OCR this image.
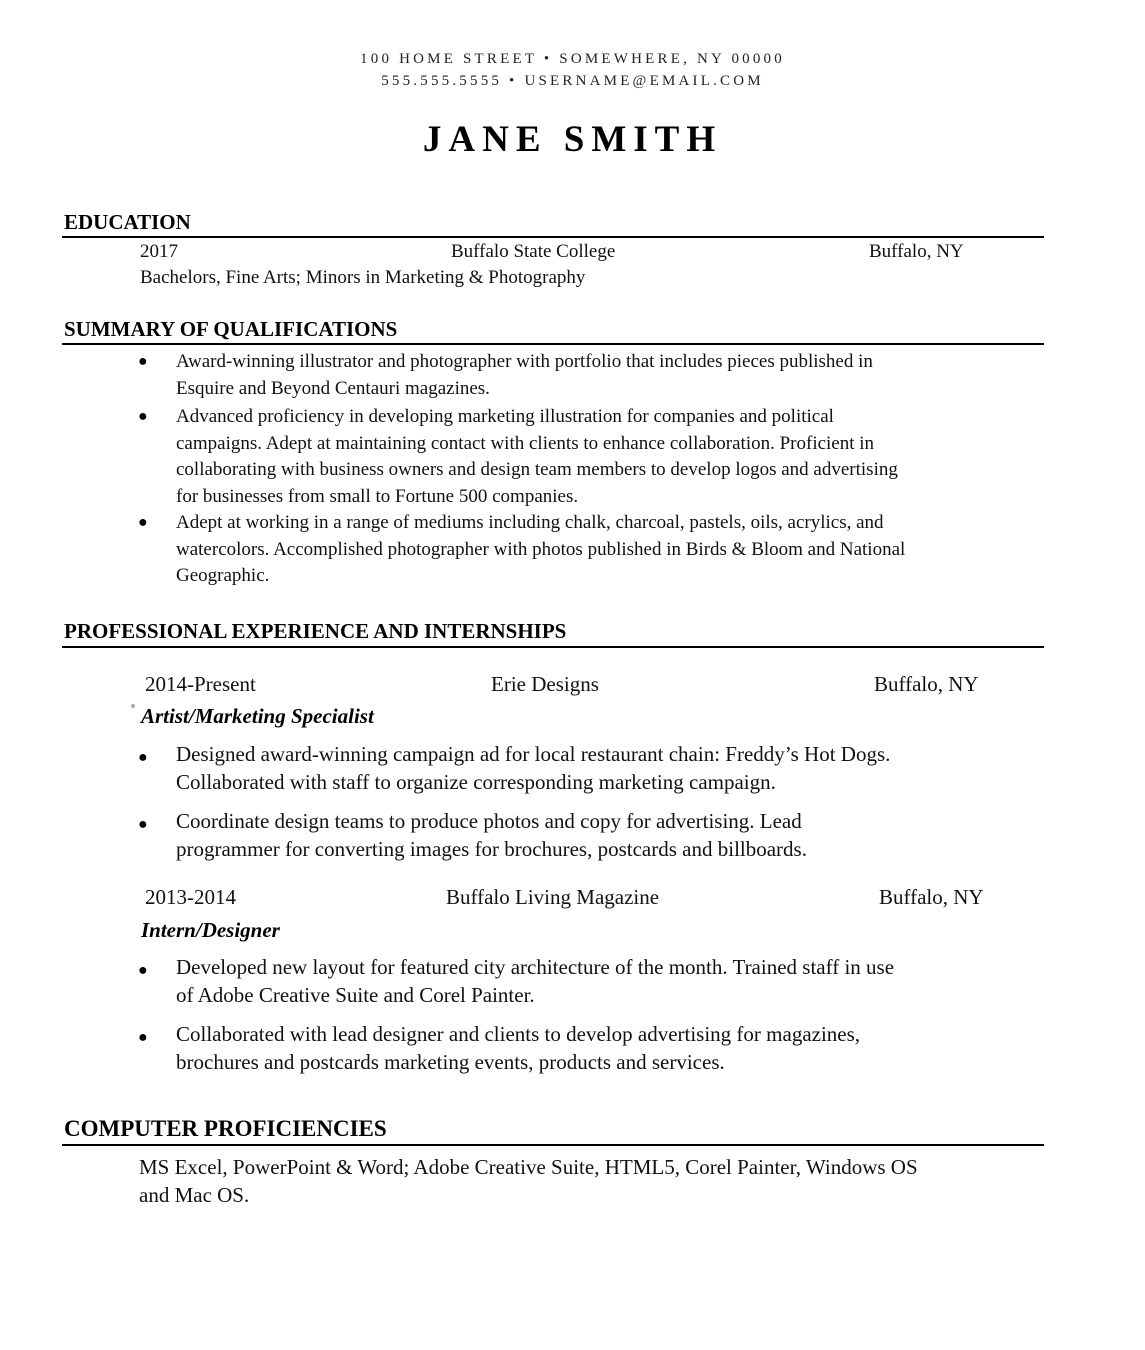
100 HOME STREET • SOMEWHERE, NY 00000
555.555.5555 • USERNAME@EMAIL.COM
JANE SMITH
EDUCATION
2017	Buffalo State College	Buffalo, NY
Bachelors, Fine Arts; Minors in Marketing & Photography
SUMMARY OF QUALIFICATIONS
● Award-winning illustrator and photographer with portfolio that includes pieces published in
Esquire and Beyond Centauri magazines.
● Advanced proficiency in developing marketing illustration for companies and political
campaigns. Adept at maintaining contact with clients to enhance collaboration. Proficient in
collaborating with business owners and design team members to develop logos and advertising
for businesses from small to Fortune 500 companies.
● Adept at working in a range of mediums including chalk, charcoal, pastels, oils, acrylics, and
watercolors. Accomplished photographer with photos published in Birds & Bloom and National
Geographic.
PROFESSIONAL EXPERIENCE AND INTERNSHIPS
2014-Present	Erie Designs	Buffalo, NY
Artist/Marketing Specialist
● Designed award-winning campaign ad for local restaurant chain: Freddy’s Hot Dogs.
Collaborated with staff to organize corresponding marketing campaign.
● Coordinate design teams to produce photos and copy for advertising. Lead
programmer for converting images for brochures, postcards and billboards.
2013-2014	Buffalo Living Magazine	Buffalo, NY
Intern/Designer
● Developed new layout for featured city architecture of the month. Trained staff in use
of Adobe Creative Suite and Corel Painter.
● Collaborated with lead designer and clients to develop advertising for magazines,
brochures and postcards marketing events, products and services.
COMPUTER PROFICIENCIES
MS Excel, PowerPoint & Word; Adobe Creative Suite, HTML5, Corel Painter, Windows OS
and Mac OS.
